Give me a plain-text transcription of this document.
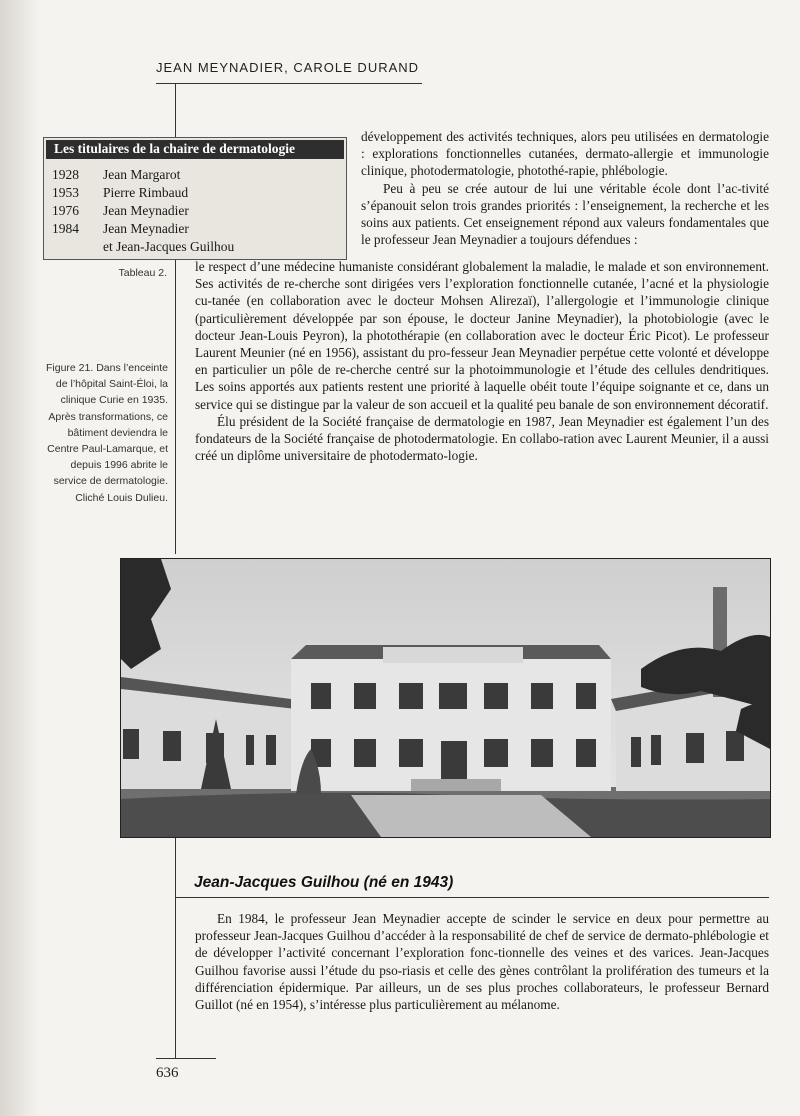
JEAN MEYNADIER, CAROLE DURAND
Les titulaires de la chaire de dermatologie
1928	Jean Margarot
1953	Pierre Rimbaud
1976	Jean Meynadier
1984	Jean Meynadier
et Jean-Jacques Guilhou
Tableau 2.
Figure 21. Dans l’enceinte de l’hôpital Saint-Éloi, la clinique Curie en 1935. Après transformations, ce bâtiment deviendra le Centre Paul-Lamarque, et depuis 1996 abrite le service de dermatologie. Cliché Louis Dulieu.

développement des activités techniques, alors peu utilisées en dermatologie : explorations fonctionnelles cutanées, dermato-allergie et immunologie clinique, photodermatologie, photothé-rapie, phlébologie.

Peu à peu se crée autour de lui une véritable école dont l’ac-tivité s’épanouit selon trois grandes priorités : l’enseignement, la recherche et les soins aux patients. Cet enseignement répond aux valeurs fondamentales que le professeur Jean Meynadier a toujours défendues :

le respect d’une médecine humaniste considérant globalement la maladie, le malade et son environnement. Ses activités de re-cherche sont dirigées vers l’exploration fonctionnelle cutanée, l’acné et la physiologie cu-tanée (en collaboration avec le docteur Mohsen Alirezaï), l’allergologie et l’immunologie clinique (particulièrement développée par son épouse, le docteur Janine Meynadier), la photobiologie (avec le docteur Jean-Louis Peyron), la photothérapie (en collaboration avec le docteur Éric Picot). Le professeur Laurent Meunier (né en 1956), assistant du pro-fesseur Jean Meynadier perpétue cette volonté et développe en particulier un pôle de re-cherche centré sur la photoimmunologie et l’étude des cellules dendritiques. Les soins apportés aux patients restent une priorité à laquelle obéit toute l’équipe soignante et ce, dans un service qui se distingue par la valeur de son accueil et la qualité peu banale de son environnement décoratif.

Élu président de la Société française de dermatologie en 1987, Jean Meynadier est également l’un des fondateurs de la Société française de photodermatologie. En collabo-ration avec Laurent Meunier, il a aussi créé un diplôme universitaire de photodermato-logie.

Jean-Jacques Guilhou (né en 1943)

En 1984, le professeur Jean Meynadier accepte de scinder le service en deux pour permettre au professeur Jean-Jacques Guilhou d’accéder à la responsabilité de chef de service de dermato-phlébologie et de développer l’activité concernant l’exploration fonc-tionnelle des veines et des varices. Jean-Jacques Guilhou favorise aussi l’étude du pso-riasis et celle des gènes contrôlant la prolifération des tumeurs et la différenciation épidermique. Par ailleurs, un de ses plus proches collaborateurs, le professeur Bernard Guillot (né en 1954), s’intéresse plus particulièrement au mélanome.

636
